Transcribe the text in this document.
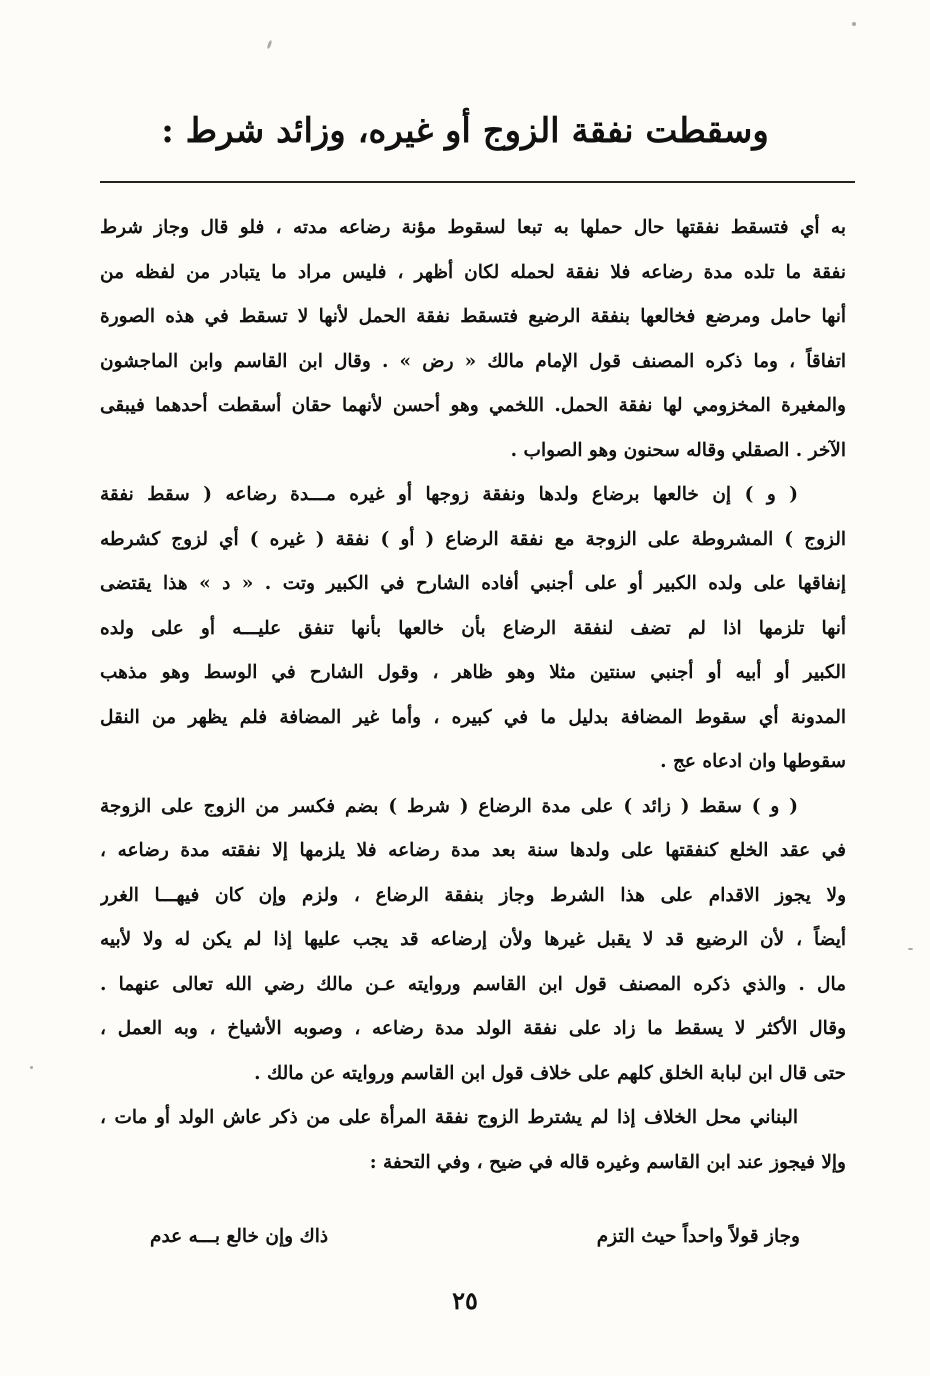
وسقطت نفقة الزوج أو غيره، وزائد شرط :
به أي فتسقط نفقتها حال حملها به تبعا لسقوط مؤنة رضاعه مدته ، فلو قال وجاز شرط
نفقة ما تلده مدة رضاعه فلا نفقة لحمله لكان أظهر ، فليس مراد ما يتبادر من لفظه من
أنها حامل ومرضع فخالعها بنفقة الرضيع فتسقط نفقة الحمل لأنها لا تسقط في هذه الصورة
اتفاقاً ، وما ذكره المصنف قول الإمام مالك « رض » . وقال ابن القاسم وابن الماجشون
والمغيرة المخزومي لها نفقة الحمل. اللخمي وهو أحسن لأنهما حقان أسقطت أحدهما فيبقى
الآخر . الصقلي وقاله سحنون وهو الصواب .
( و ) إن خالعها برضاع ولدها ونفقة زوجها أو غيره مـــدة رضاعه ( سقط نفقة
الزوج ) المشروطة على الزوجة مع نفقة الرضاع ( أو ) نفقة ( غيره ) أي لزوج كشرطه
إنفاقها على ولده الكبير أو على أجنبي أفاده الشارح في الكبير وتت . « د » هذا يقتضى
أنها تلزمها اذا لم تضف لنفقة الرضاع بأن خالعها بأنها تنفق عليـــه أو على ولده
الكبير أو أبيه أو أجنبي سنتين مثلا وهو ظاهر ، وقول الشارح في الوسط وهو مذهب
المدونة أي سقوط المضافة بدليل ما في كبيره ، وأما غير المضافة فلم يظهر من النقل
سقوطها وان ادعاه عج .
( و ) سقط ( زائد ) على مدة الرضاع ( شرط ) بضم فكسر من الزوج على الزوجة
في عقد الخلع كنفقتها على ولدها سنة بعد مدة رضاعه فلا يلزمها إلا نفقته مدة رضاعه ،
ولا يجوز الاقدام على هذا الشرط وجاز بنفقة الرضاع ، ولزم وإن كان فيهـــا الغرر
أيضاً ، لأن الرضيع قد لا يقبل غيرها ولأن إرضاعه قد يجب عليها إذا لم يكن له ولا لأبيه
مال . والذي ذكره المصنف قول ابن القاسم وروايته عـن مالك رضي الله تعالى عنهما .
وقال الأكثر لا يسقط ما زاد على نفقة الولد مدة رضاعه ، وصوبه الأشياخ ، وبه العمل ،
حتى قال ابن لبابة الخلق كلهم على خلاف قول ابن القاسم وروايته عن مالك .
البناني محل الخلاف إذا لم يشترط الزوج نفقة المرأة على من ذكر عاش الولد أو مات ،
وإلا فيجوز عند ابن القاسم وغيره قاله في ضيح ، وفي التحفة :
وجاز قولاً واحداً حيث التزم
ذاك وإن خالع بـــه عدم
٢٥
